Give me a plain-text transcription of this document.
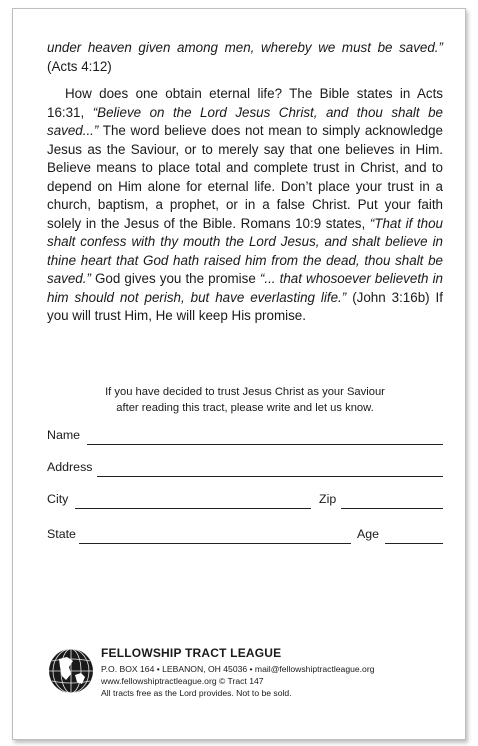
under heaven given among men, whereby we must be saved.” (Acts 4:12)

How does one obtain eternal life? The Bible states in Acts 16:31, “Believe on the Lord Jesus Christ, and thou shalt be saved...” The word believe does not mean to simply acknowledge Jesus as the Saviour, or to merely say that one believes in Him. Believe means to place total and complete trust in Christ, and to depend on Him alone for eternal life. Don’t place your trust in a church, baptism, a prophet, or in a false Christ. Put your faith solely in the Jesus of the Bible. Romans 10:9 states, “That if thou shalt confess with thy mouth the Lord Jesus, and shalt believe in thine heart that God hath raised him from the dead, thou shalt be saved.” God gives you the promise “... that whosoever believeth in him should not perish, but have everlasting life.” (John 3:16b) If you will trust Him, He will keep His promise.

If you have decided to trust Jesus Christ as your Saviour
after reading this tract, please write and let us know.
Name
Address
City	Zip
State	Age
FELLOWSHIP TRACT LEAGUE
P.O. BOX 164 • LEBANON, OH 45036 • mail@fellowshiptractleague.org
www.fellowshiptractleague.org © Tract 147
All tracts free as the Lord provides. Not to be sold.
